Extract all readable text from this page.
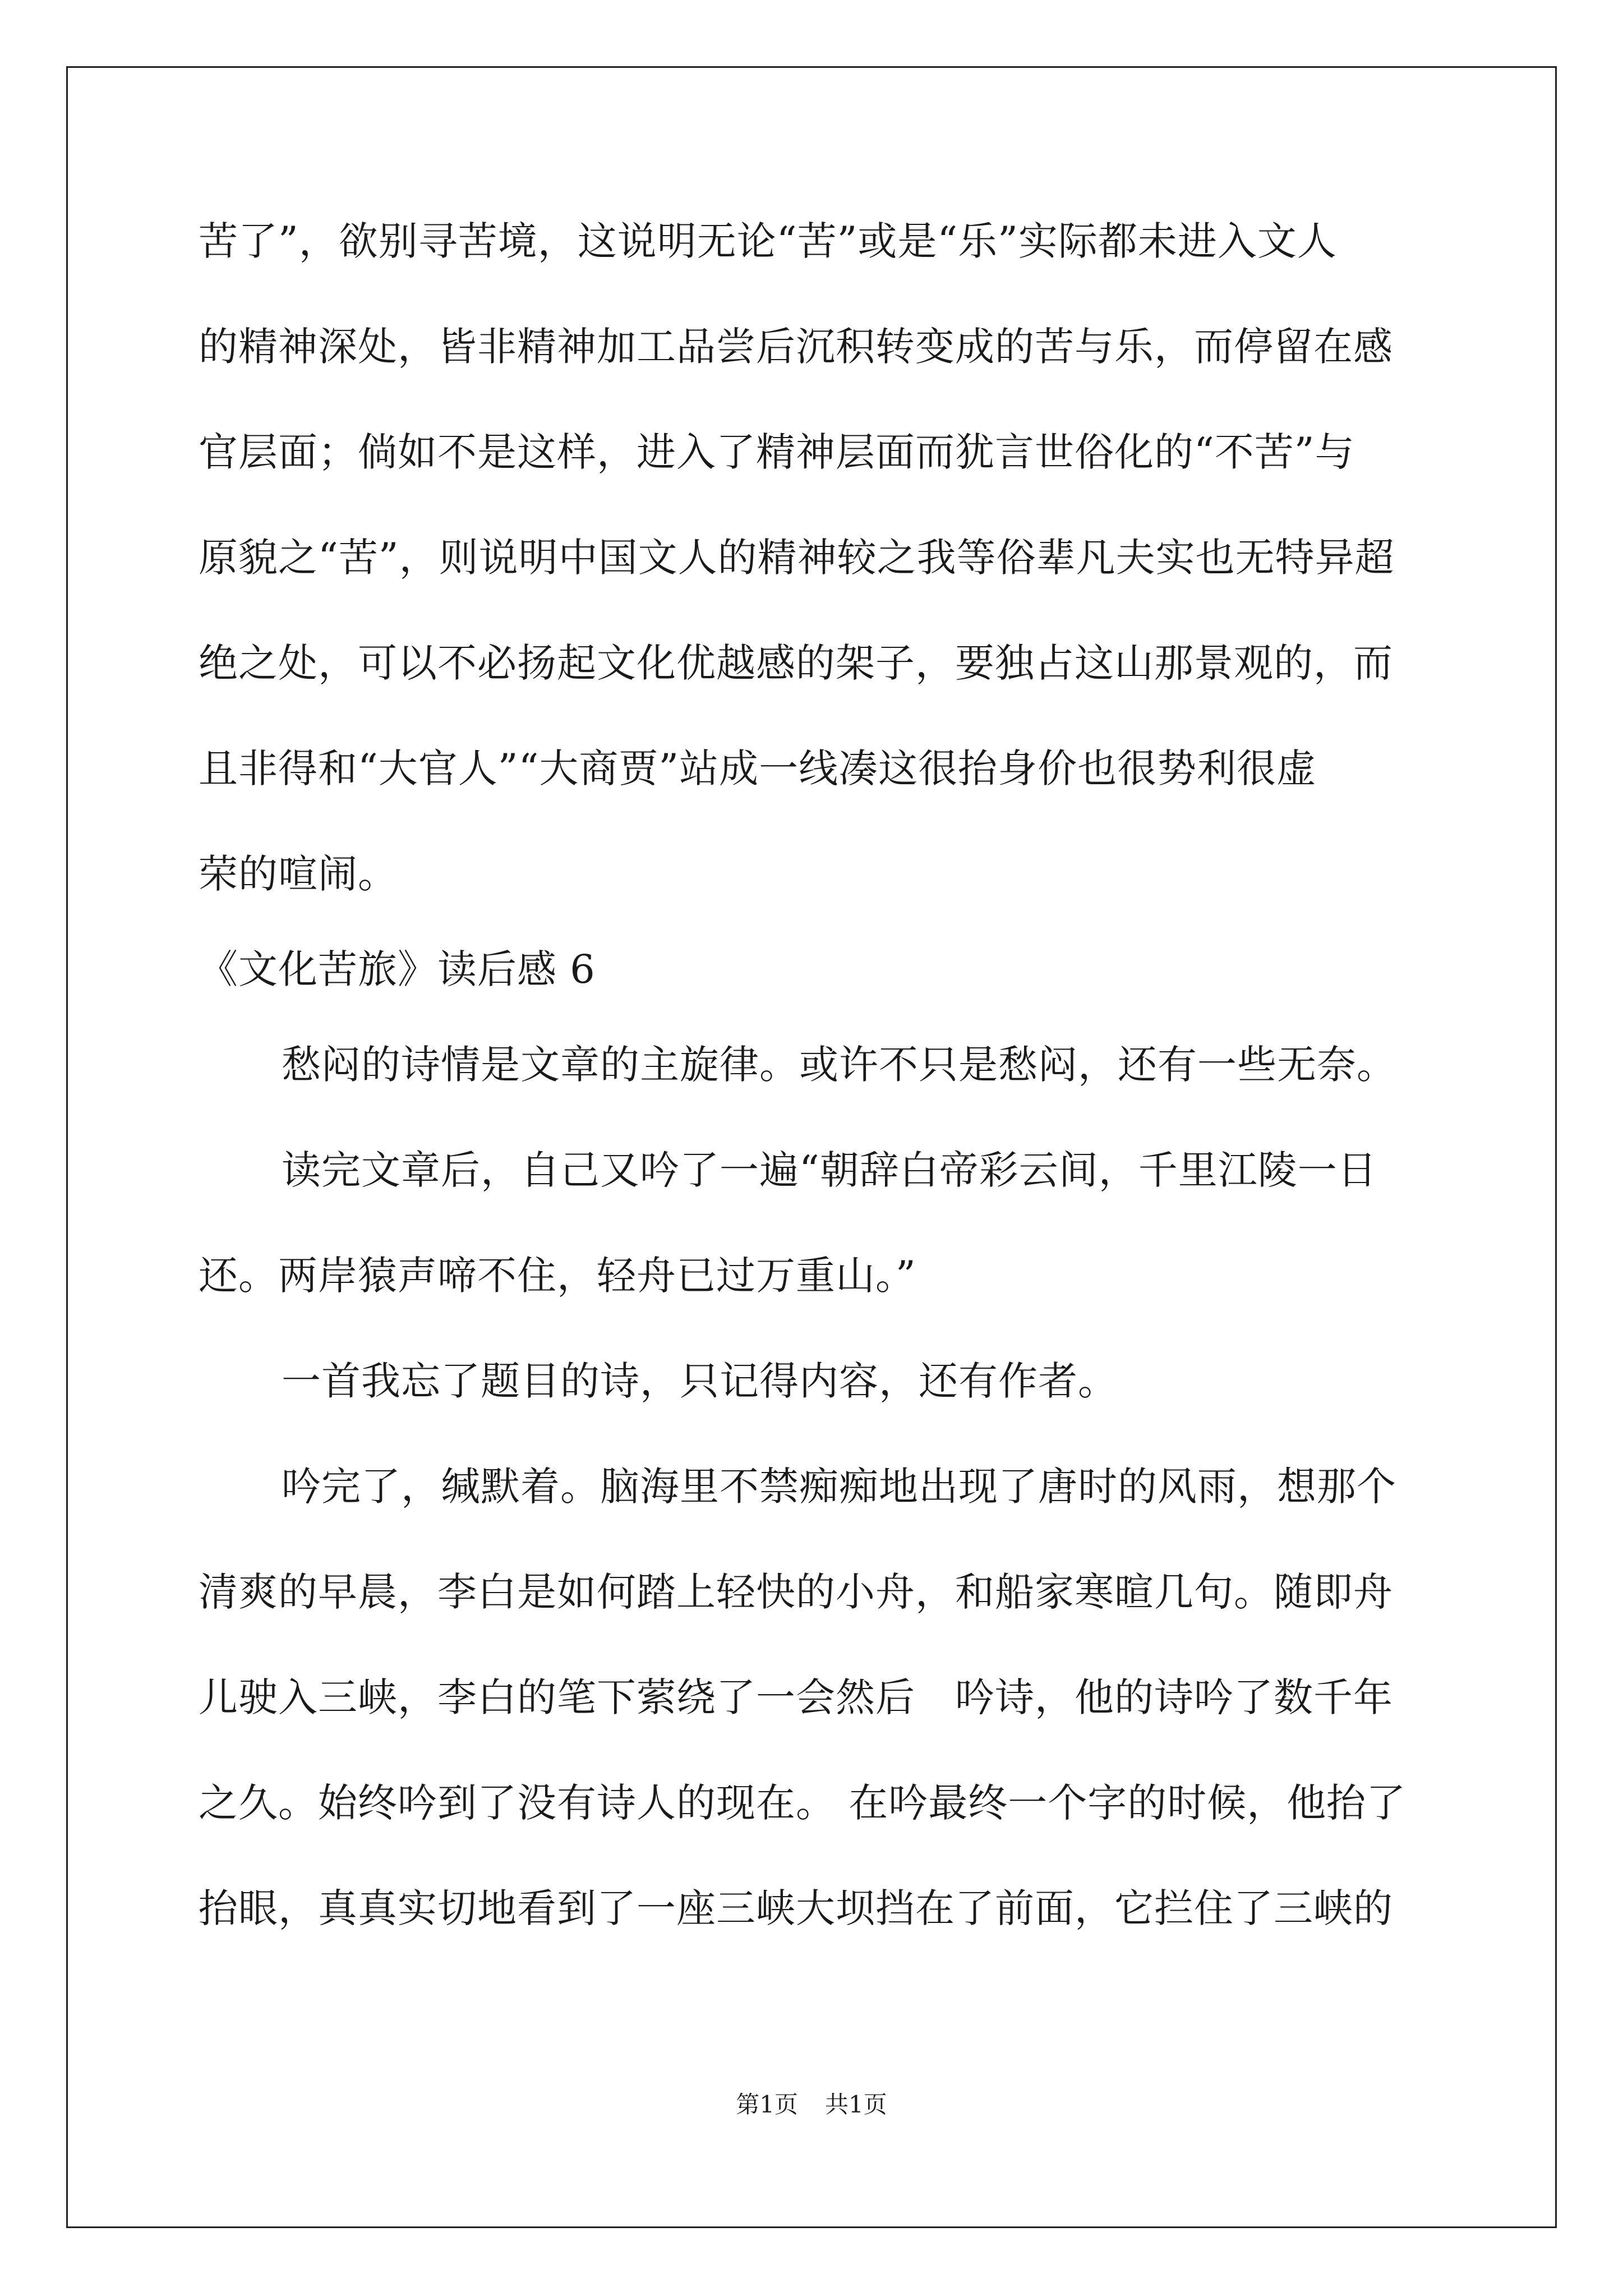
苦了”，欲别寻苦境，这说明无论“苦”或是“乐”实际都未进入文人
的精神深处，皆非精神加工品尝后沉积转变成的苦与乐，而停留在感
官层面；倘如不是这样，进入了精神层面而犹言世俗化的“不苦”与
原貌之“苦”，则说明中国文人的精神较之我等俗辈凡夫实也无特异超
绝之处，可以不必扬起文化优越感的架子，要独占这山那景观的，而
且非得和“大官人”“大商贾”站成一线凑这很抬身价也很势利很虚
荣的喧闹。
《文化苦旅》读后感 6
愁闷的诗情是文章的主旋律。或许不只是愁闷，还有一些无奈。
读完文章后，自己又吟了一遍“朝辞白帝彩云间，千里江陵一日
还。两岸猿声啼不住，轻舟已过万重山。”
一首我忘了题目的诗，只记得内容，还有作者。
吟完了，缄默着。脑海里不禁痴痴地出现了唐时的风雨，想那个
清爽的早晨，李白是如何踏上轻快的小舟，和船家寒暄几句。随即舟
儿驶入三峡，李白的笔下萦绕了一会然后　吟诗，他的诗吟了数千年
之久。始终吟到了没有诗人的现在。 在吟最终一个字的时候，他抬了
抬眼，真真实切地看到了一座三峡大坝挡在了前面，它拦住了三峡的
第1页 共1页
